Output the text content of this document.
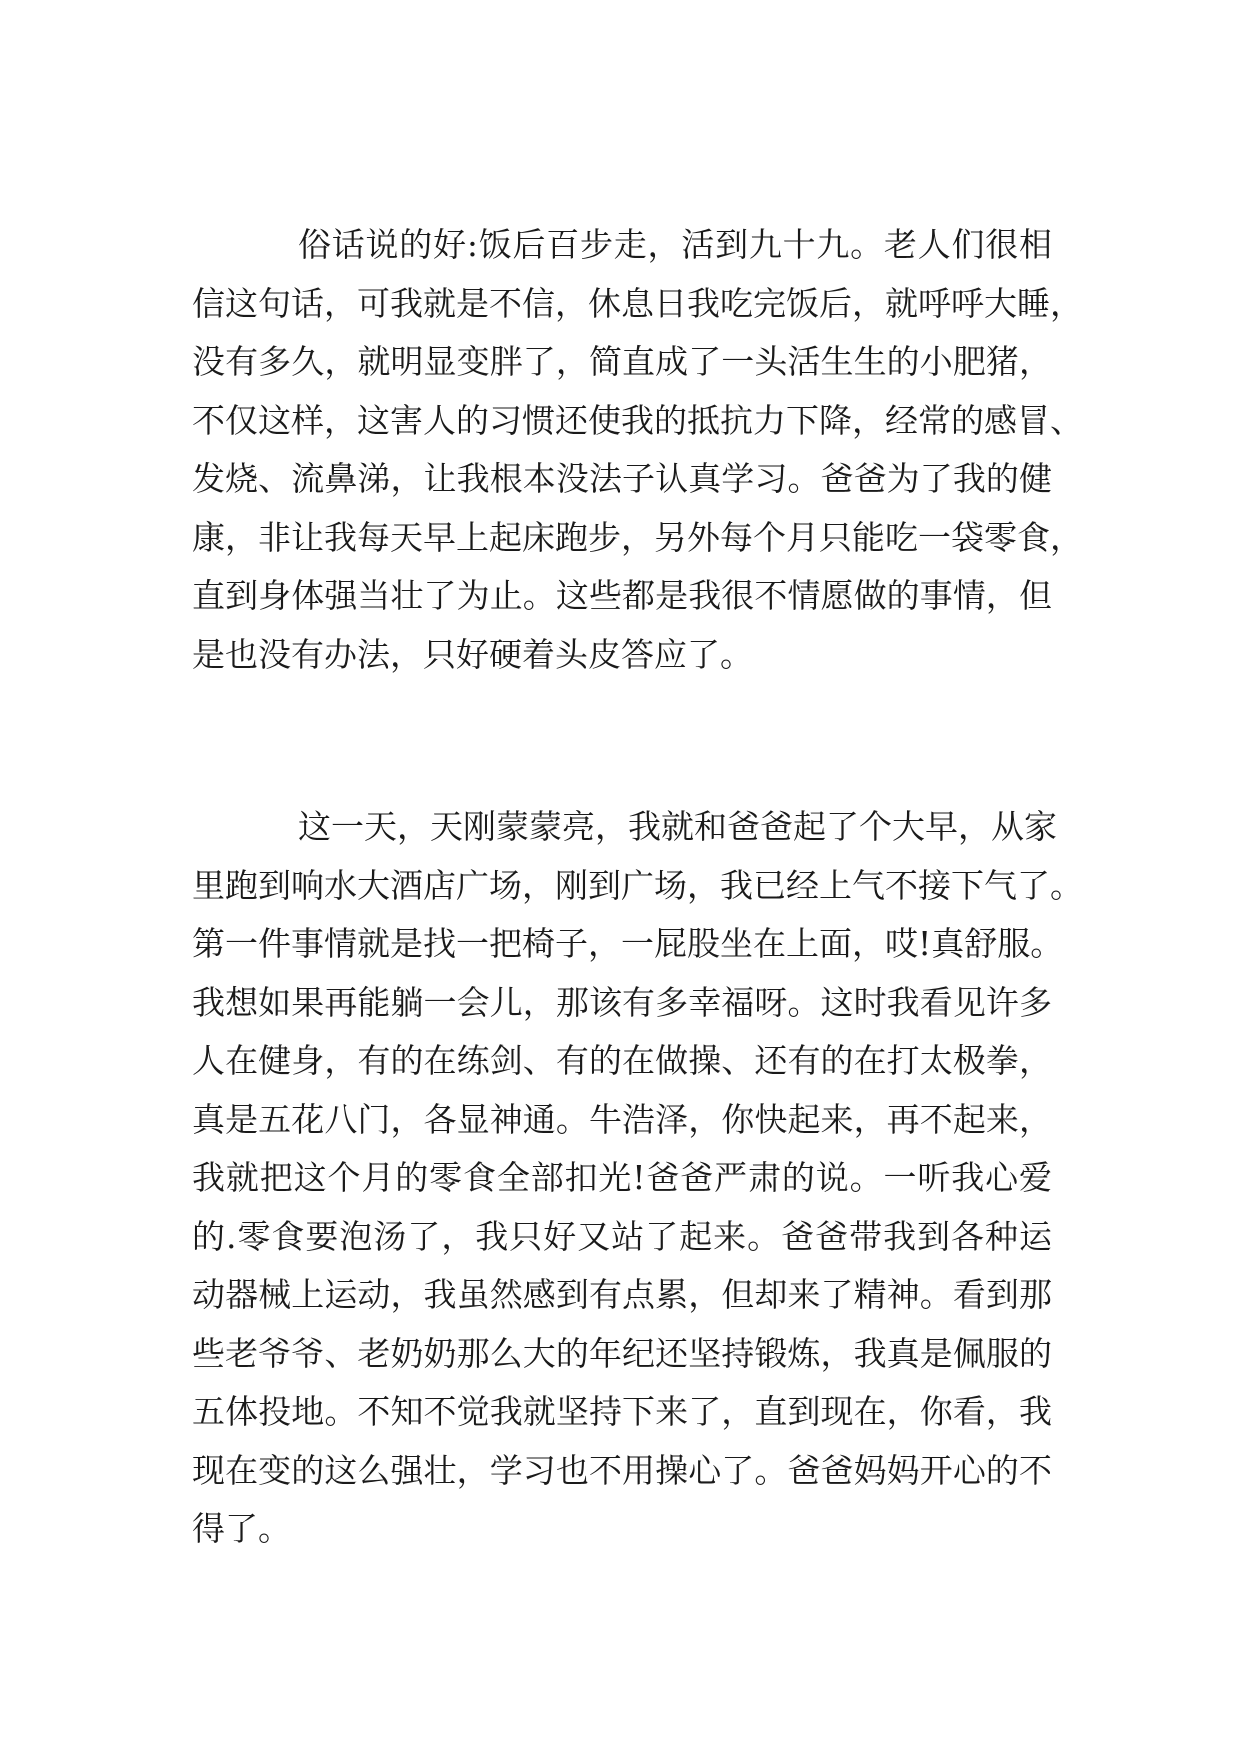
俗话说的好:饭后百步走，活到九十九。老人们很相
信这句话，可我就是不信，休息日我吃完饭后，就呼呼大睡，
没有多久，就明显变胖了，简直成了一头活生生的小肥猪，
不仅这样，这害人的习惯还使我的抵抗力下降，经常的感冒、
发烧、流鼻涕，让我根本没法子认真学习。爸爸为了我的健
康，非让我每天早上起床跑步，另外每个月只能吃一袋零食，
直到身体强当壮了为止。这些都是我很不情愿做的事情，但
是也没有办法，只好硬着头皮答应了。
这一天，天刚蒙蒙亮，我就和爸爸起了个大早，从家
里跑到响水大酒店广场，刚到广场，我已经上气不接下气了。
第一件事情就是找一把椅子，一屁股坐在上面，哎!真舒服。
我想如果再能躺一会儿，那该有多幸福呀。这时我看见许多
人在健身，有的在练剑、有的在做操、还有的在打太极拳，
真是五花八门，各显神通。牛浩泽，你快起来，再不起来，
我就把这个月的零食全部扣光!爸爸严肃的说。一听我心爱
的.零食要泡汤了，我只好又站了起来。爸爸带我到各种运
动器械上运动，我虽然感到有点累，但却来了精神。看到那
些老爷爷、老奶奶那么大的年纪还坚持锻炼，我真是佩服的
五体投地。不知不觉我就坚持下来了，直到现在，你看，我
现在变的这么强壮，学习也不用操心了。爸爸妈妈开心的不
得了。
